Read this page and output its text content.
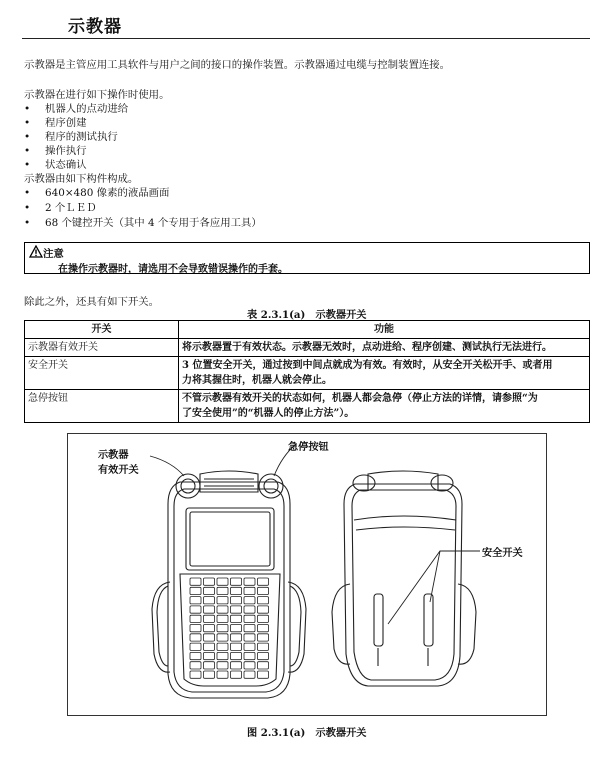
示教器
示教器是主管应用工具软件与用户之间的接口的操作装置。示教器通过电缆与控制装置连接。
示教器在进行如下操作时使用。
• 机器人的点动进给
• 程序创建
• 程序的测试执行
• 操作执行
• 状态确认
示教器由如下构件构成。
• 640×480 像素的液晶画面
• 2 个ＬＥＤ
• 68 个键控开关（其中 4 个专用于各应用工具）
注意
在操作示教器时，请选用不会导致错误操作的手套。
除此之外，还具有如下开关。
表 2.3.1(a)　示教器开关
开关	功能
示教器有效开关	将示教器置于有效状态。示教器无效时，点动进给、程序创建、测试执行无法进行。
安全开关	3 位置安全开关，通过按到中间点就成为有效。有效时，从安全开关松开手、或者用
力将其握住时，机器人就会停止。
急停按钮	不管示教器有效开关的状态如何，机器人都会急停（停止方法的详情，请参照“为
了安全使用”的“机器人的停止方法”）。
示教器
有效开关
急停按钮
安全开关
图 2.3.1(a)　示教器开关
